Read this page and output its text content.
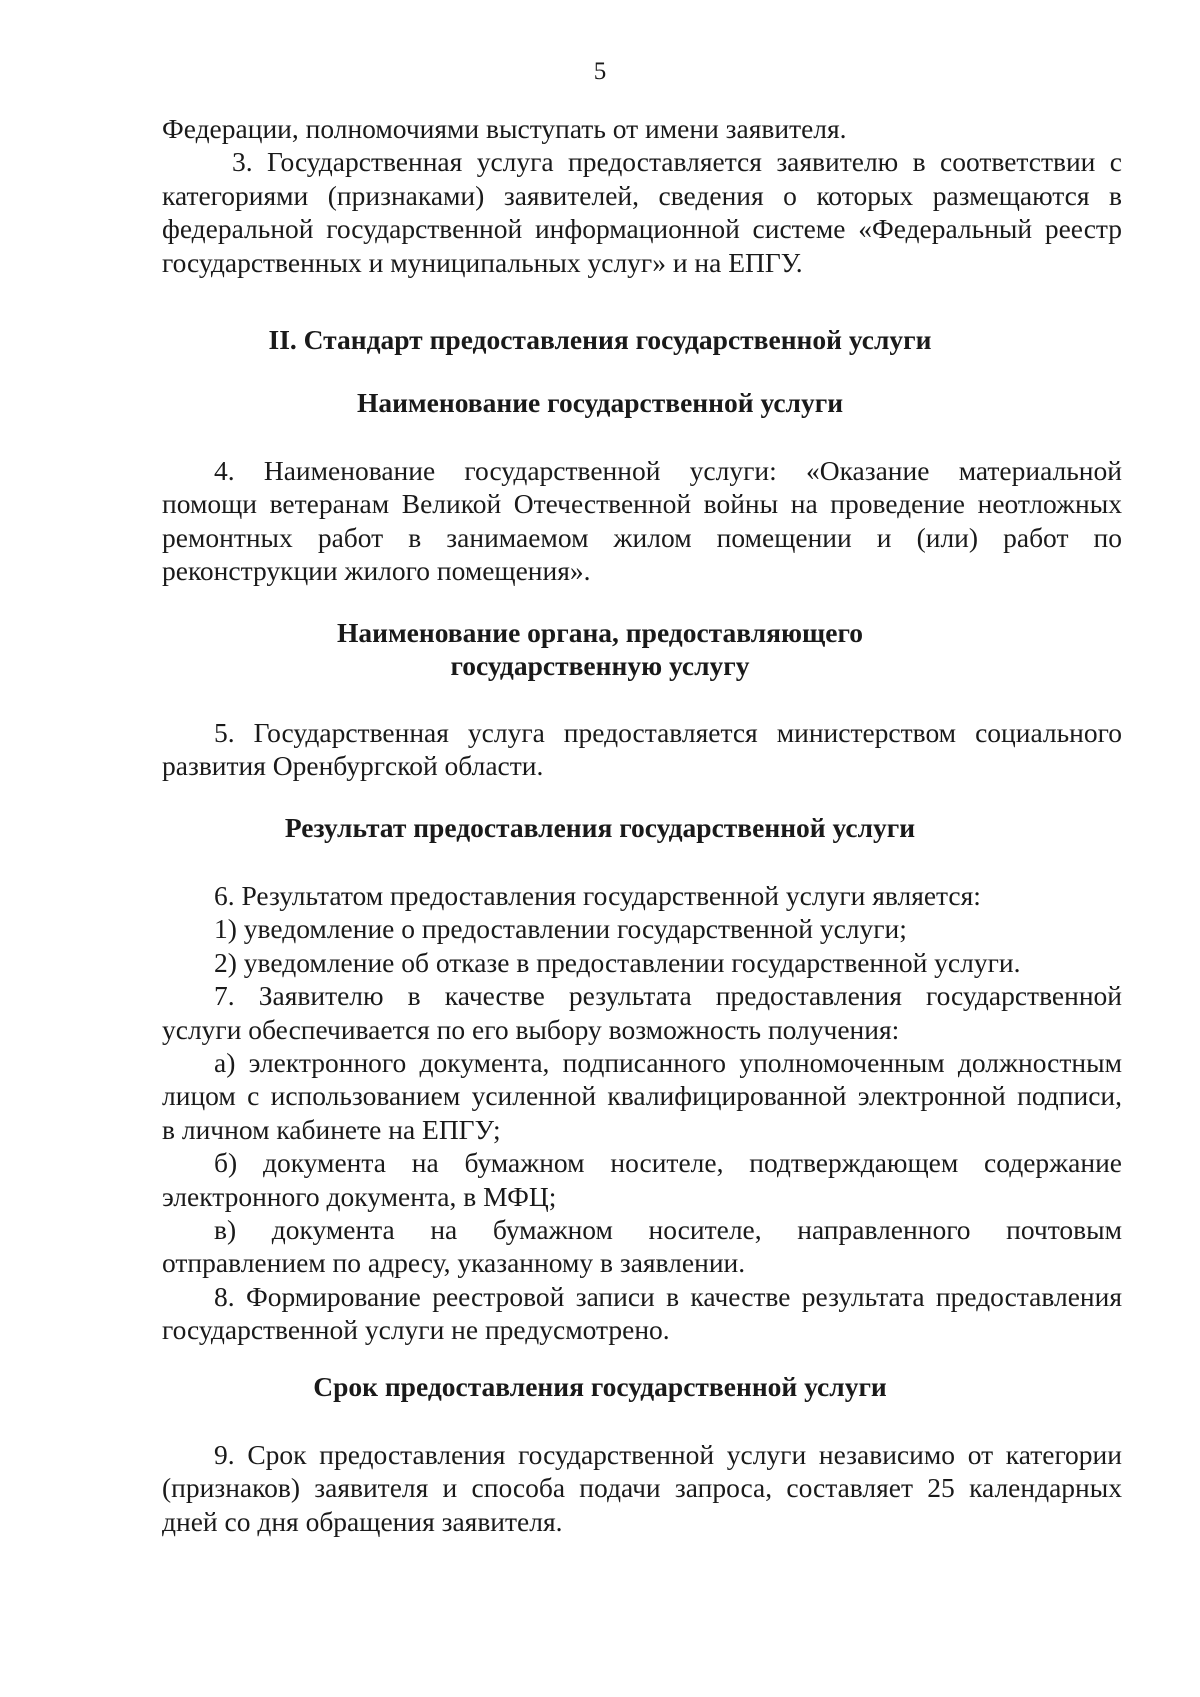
5
Федерации, полномочиями выступать от имени заявителя.
3. Государственная услуга предоставляется заявителю в соответствии с
категориями (признаками) заявителей, сведения о которых размещаются в
федеральной государственной информационной системе «Федеральный реестр
государственных и муниципальных услуг» и на ЕПГУ.
II. Стандарт предоставления государственной услуги
Наименование государственной услуги
4. Наименование государственной услуги: «Оказание материальной
помощи ветеранам Великой Отечественной войны на проведение неотложных
ремонтных работ в занимаемом жилом помещении и (или) работ по
реконструкции жилого помещения».
Наименование органа, предоставляющего
государственную услугу
5. Государственная услуга предоставляется министерством социального
развития Оренбургской области.
Результат предоставления государственной услуги
6. Результатом предоставления государственной услуги является:
1) уведомление о предоставлении государственной услуги;
2) уведомление об отказе в предоставлении государственной услуги.
7. Заявителю в качестве результата предоставления государственной
услуги обеспечивается по его выбору возможность получения:
а) электронного документа, подписанного уполномоченным должностным
лицом с использованием усиленной квалифицированной электронной подписи,
в личном кабинете на ЕПГУ;
б) документа на бумажном носителе, подтверждающем содержание
электронного документа, в МФЦ;
в) документа на бумажном носителе, направленного почтовым
отправлением по адресу, указанному в заявлении.
8. Формирование реестровой записи в качестве результата предоставления
государственной услуги не предусмотрено.
Срок предоставления государственной услуги
9. Срок предоставления государственной услуги независимо от категории
(признаков) заявителя и способа подачи запроса, составляет 25 календарных
дней со дня обращения заявителя.
